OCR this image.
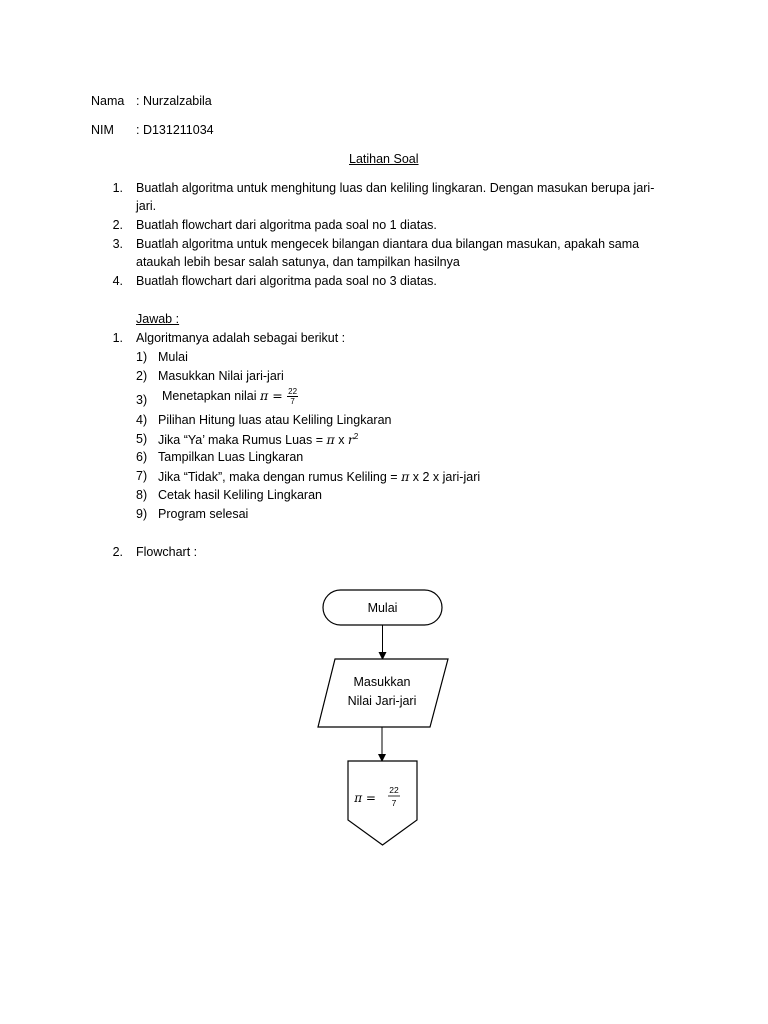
Nama : Nurzalzabila
NIM : D131211034
Latihan Soal
1. Buatlah algoritma untuk menghitung luas dan keliling lingkaran. Dengan masukan berupa jari-
jari.
2. Buatlah flowchart dari algoritma pada soal no 1 diatas.
3. Buatlah algoritma untuk mengecek bilangan diantara dua bilangan masukan, apakah sama
ataukah lebih besar salah satunya, dan tampilkan hasilnya
4. Buatlah flowchart dari algoritma pada soal no 3 diatas.
Jawab :
1. Algoritmanya adalah sebagai berikut :
1) Mulai
2) Masukkan Nilai jari-jari
3) Menetapkan nilai $\pi = \frac{22}{7}$
4) Pilihan Hitung luas atau Keliling Lingkaran
5) Jika “Ya’ maka Rumus Luas = π x $r^2$
6) Tampilkan Luas Lingkaran
7) Jika “Tidak”, maka dengan rumus Keliling = π x 2 x jari-jari
8) Cetak hasil Keliling Lingkaran
9) Program selesai
2. Flowchart :
Mulai
Masukkan
Nilai Jari-jari
π =
22
7
